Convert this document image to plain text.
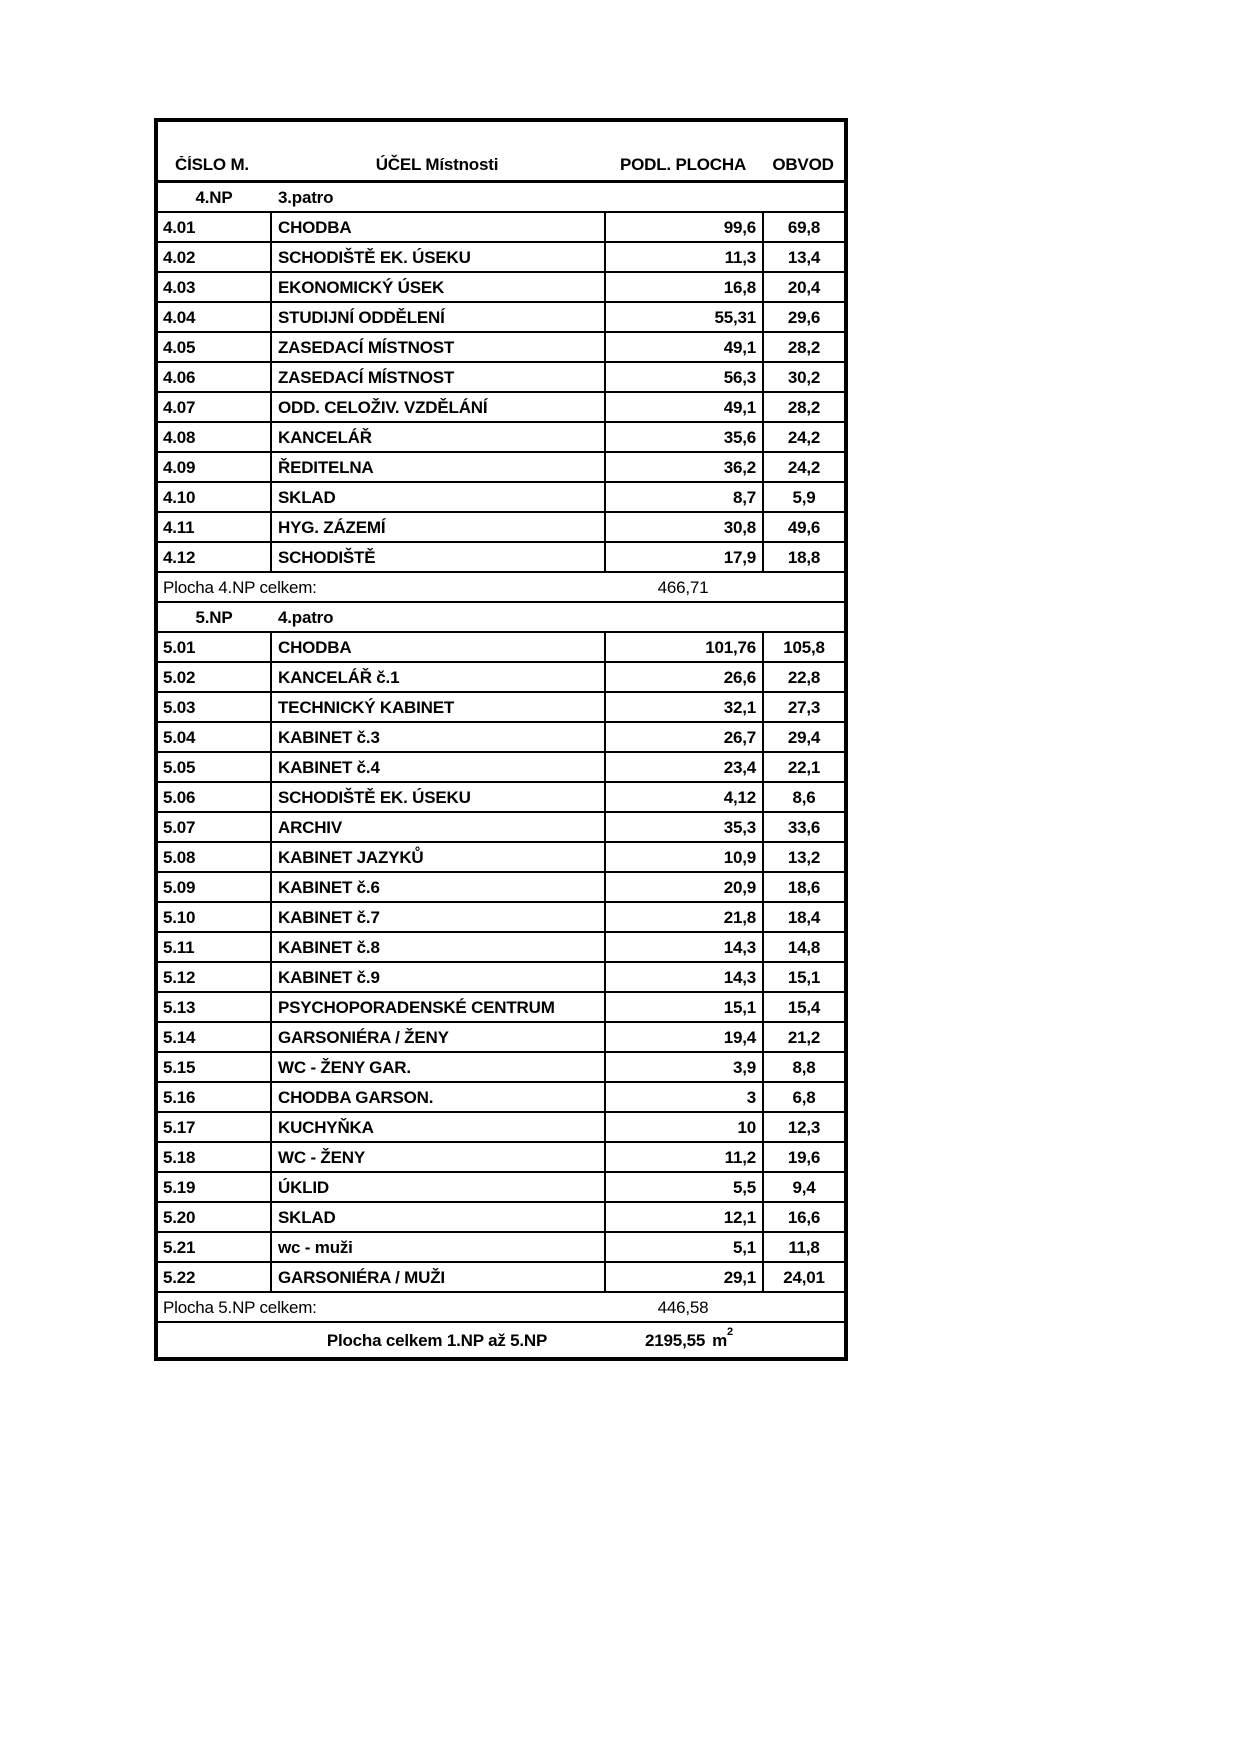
ČÍSLO M.	ÚČEL Místnosti	PODL. PLOCHA	OBVOD
4.NP	3.patro
4.01	CHODBA	99,6	69,8
4.02	SCHODIŠTĚ EK. ÚSEKU	11,3	13,4
4.03	EKONOMICKÝ ÚSEK	16,8	20,4
4.04	STUDIJNÍ ODDĚLENÍ	55,31	29,6
4.05	ZASEDACÍ MÍSTNOST	49,1	28,2
4.06	ZASEDACÍ MÍSTNOST	56,3	30,2
4.07	ODD. CELOŽIV. VZDĚLÁNÍ	49,1	28,2
4.08	KANCELÁŘ	35,6	24,2
4.09	ŘEDITELNA	36,2	24,2
4.10	SKLAD	8,7	5,9
4.11	HYG. ZÁZEMÍ	30,8	49,6
4.12	SCHODIŠTĚ	17,9	18,8
Plocha 4.NP celkem:	466,71
5.NP	4.patro
5.01	CHODBA	101,76	105,8
5.02	KANCELÁŘ č.1	26,6	22,8
5.03	TECHNICKÝ KABINET	32,1	27,3
5.04	KABINET č.3	26,7	29,4
5.05	KABINET č.4	23,4	22,1
5.06	SCHODIŠTĚ EK. ÚSEKU	4,12	8,6
5.07	ARCHIV	35,3	33,6
5.08	KABINET JAZYKŮ	10,9	13,2
5.09	KABINET č.6	20,9	18,6
5.10	KABINET č.7	21,8	18,4
5.11	KABINET č.8	14,3	14,8
5.12	KABINET č.9	14,3	15,1
5.13	PSYCHOPORADENSKÉ CENTRUM	15,1	15,4
5.14	GARSONIÉRA / ŽENY	19,4	21,2
5.15	WC - ŽENY GAR.	3,9	8,8
5.16	CHODBA GARSON.	3	6,8
5.17	KUCHYŇKA	10	12,3
5.18	WC - ŽENY	11,2	19,6
5.19	ÚKLID	5,5	9,4
5.20	SKLAD	12,1	16,6
5.21	wc - muži	5,1	11,8
5.22	GARSONIÉRA / MUŽI	29,1	24,01
Plocha 5.NP celkem:	446,58
Plocha celkem 1.NP až 5.NP	2195,55 $m^2$
